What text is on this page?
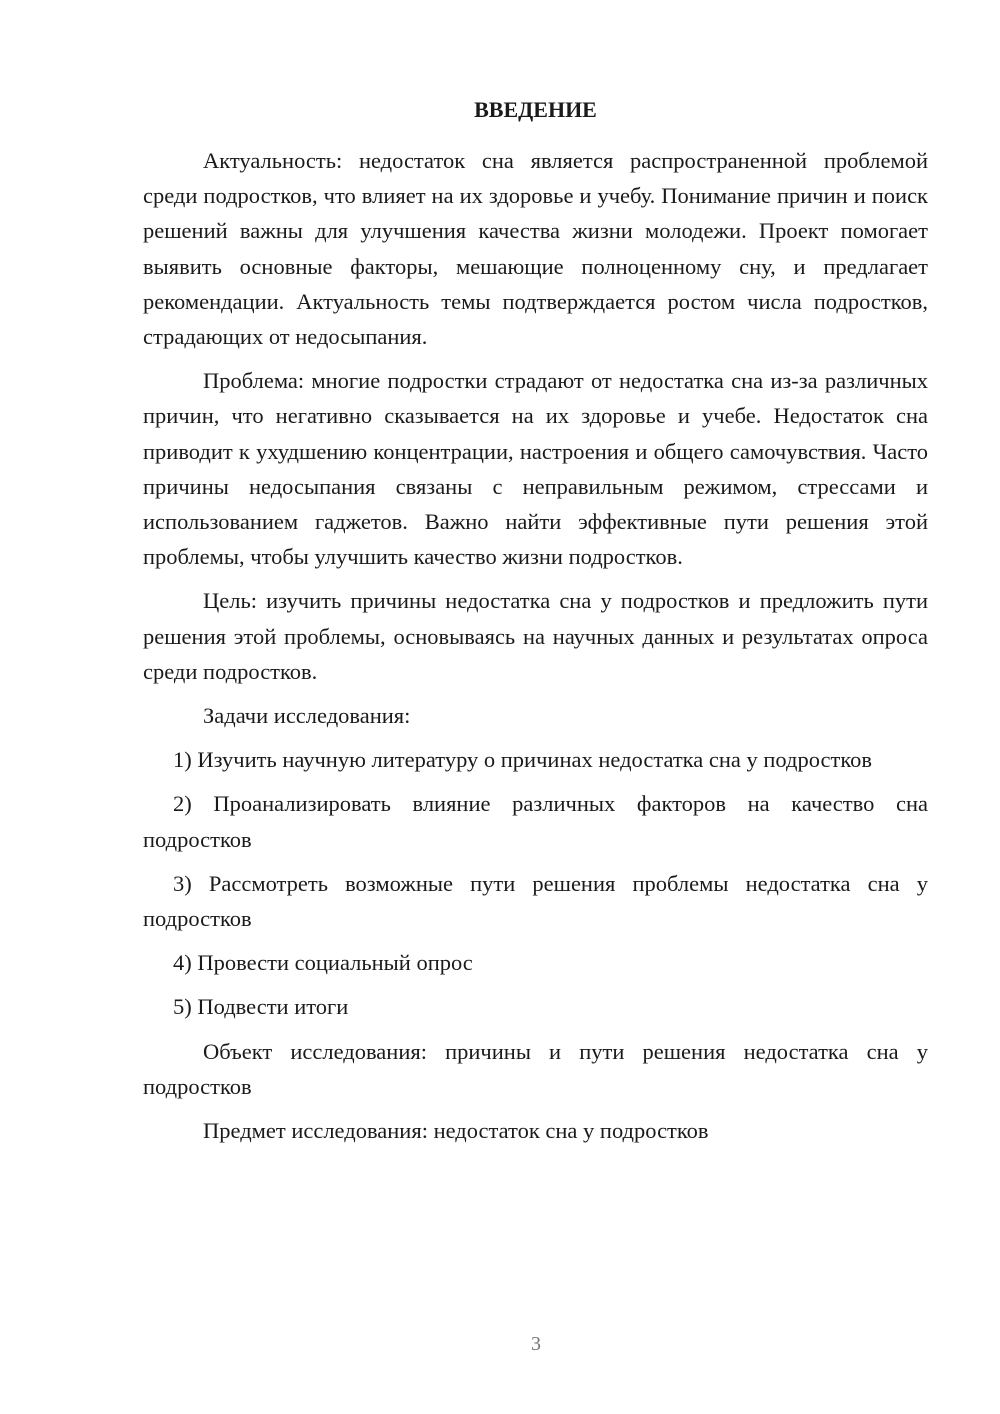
ВВЕДЕНИЕ

Актуальность: недостаток сна является распространенной проблемой среди подростков, что влияет на их здоровье и учебу. Понимание причин и поиск решений важны для улучшения качества жизни молодежи. Проект помогает выявить основные факторы, мешающие полноценному сну, и предлагает рекомендации. Актуальность темы подтверждается ростом числа подростков, страдающих от недосыпания.

Проблема: многие подростки страдают от недостатка сна из-за различных причин, что негативно сказывается на их здоровье и учебе. Недостаток сна приводит к ухудшению концентрации, настроения и общего самочувствия. Часто причины недосыпания связаны с неправильным режимом, стрессами и использованием гаджетов. Важно найти эффективные пути решения этой проблемы, чтобы улучшить качество жизни подростков.

Цель: изучить причины недостатка сна у подростков и предложить пути решения этой проблемы, основываясь на научных данных и результатах опроса среди подростков.

Задачи исследования:

1) Изучить научную литературу о причинах недостатка сна у подростков

2) Проанализировать влияние различных факторов на качество сна подростков

3) Рассмотреть возможные пути решения проблемы недостатка сна у подростков

4) Провести социальный опрос

5) Подвести итоги

Объект исследования: причины и пути решения недостатка сна у подростков

Предмет исследования: недостаток сна у подростков

3
